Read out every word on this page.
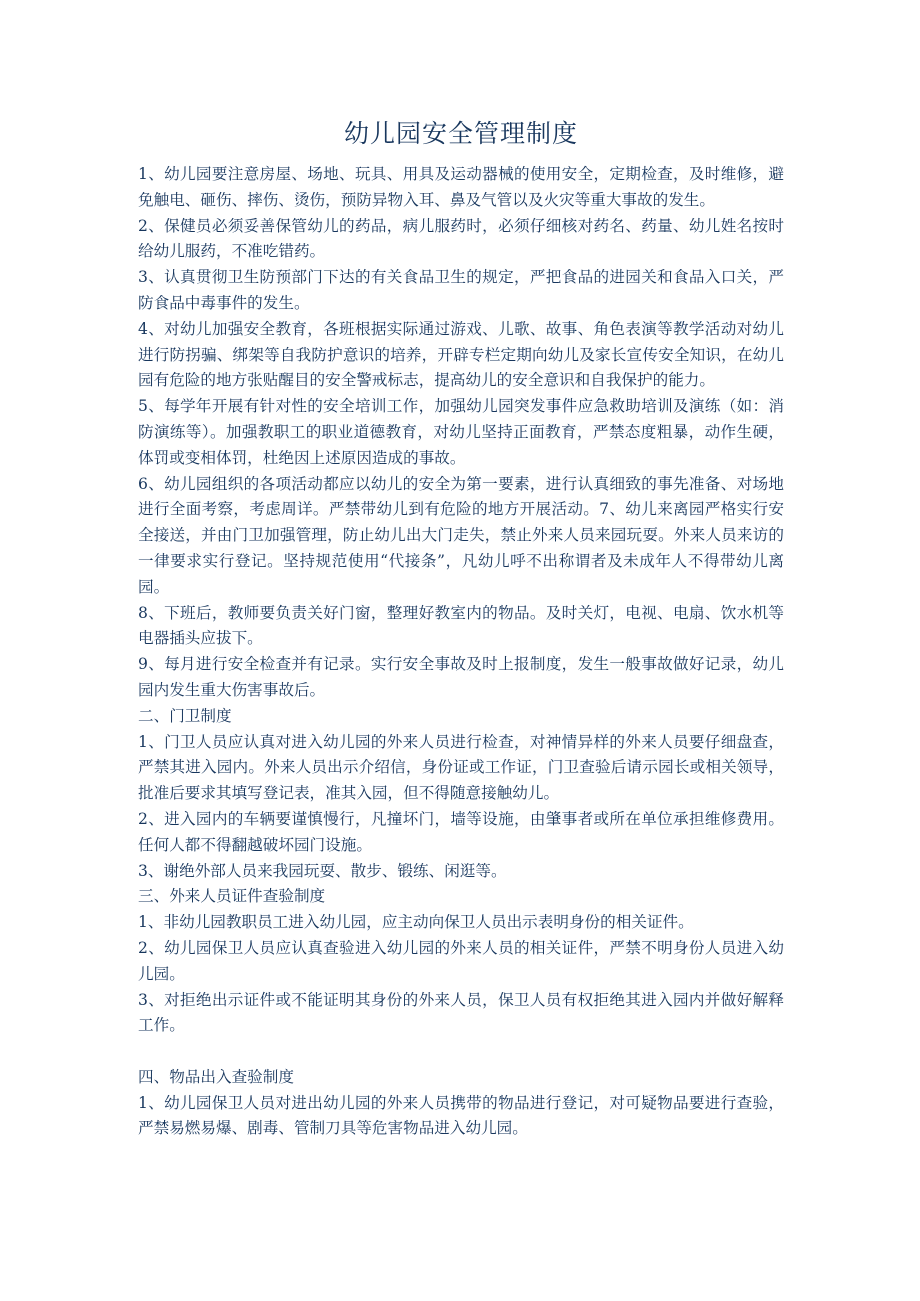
幼儿园安全管理制度

1、幼儿园要注意房屋、场地、玩具、用具及运动器械的使用安全，定期检查，及时维修，避免触电、砸伤、摔伤、烫伤，预防异物入耳、鼻及气管以及火灾等重大事故的发生。

2、保健员必须妥善保管幼儿的药品，病儿服药时，必须仔细核对药名、药量、幼儿姓名按时给幼儿服药，不准吃错药。

3、认真贯彻卫生防预部门下达的有关食品卫生的规定，严把食品的进园关和食品入口关，严防食品中毒事件的发生。

4、对幼儿加强安全教育，各班根据实际通过游戏、儿歌、故事、角色表演等教学活动对幼儿进行防拐骗、绑架等自我防护意识的培养，开辟专栏定期向幼儿及家长宣传安全知识，在幼儿园有危险的地方张贴醒目的安全警戒标志，提高幼儿的安全意识和自我保护的能力。

5、每学年开展有针对性的安全培训工作，加强幼儿园突发事件应急救助培训及演练（如：消防演练等）。加强教职工的职业道德教育，对幼儿坚持正面教育，严禁态度粗暴，动作生硬，体罚或变相体罚，杜绝因上述原因造成的事故。

6、幼儿园组织的各项活动都应以幼儿的安全为第一要素，进行认真细致的事先准备、对场地进行全面考察，考虑周详。严禁带幼儿到有危险的地方开展活动。7、幼儿来离园严格实行安全接送，并由门卫加强管理，防止幼儿出大门走失，禁止外来人员来园玩耍。外来人员来访的一律要求实行登记。坚持规范使用“代接条”，凡幼儿呼不出称谓者及未成年人不得带幼儿离园。

8、下班后，教师要负责关好门窗，整理好教室内的物品。及时关灯，电视、电扇、饮水机等电器插头应拔下。

9、每月进行安全检查并有记录。实行安全事故及时上报制度，发生一般事故做好记录，幼儿园内发生重大伤害事故后。

二、门卫制度

1、门卫人员应认真对进入幼儿园的外来人员进行检查，对神情异样的外来人员要仔细盘查，严禁其进入园内。外来人员出示介绍信，身份证或工作证，门卫查验后请示园长或相关领导，批准后要求其填写登记表，准其入园，但不得随意接触幼儿。

2、进入园内的车辆要谨慎慢行，凡撞坏门，墙等设施，由肇事者或所在单位承担维修费用。任何人都不得翻越破坏园门设施。

3、谢绝外部人员来我园玩耍、散步、锻练、闲逛等。

三、外来人员证件查验制度

1、非幼儿园教职员工进入幼儿园，应主动向保卫人员出示表明身份的相关证件。

2、幼儿园保卫人员应认真查验进入幼儿园的外来人员的相关证件，严禁不明身份人员进入幼儿园。

3、对拒绝出示证件或不能证明其身份的外来人员，保卫人员有权拒绝其进入园内并做好解释工作。

四、物品出入查验制度

1、幼儿园保卫人员对进出幼儿园的外来人员携带的物品进行登记，对可疑物品要进行查验，严禁易燃易爆、剧毒、管制刀具等危害物品进入幼儿园。
